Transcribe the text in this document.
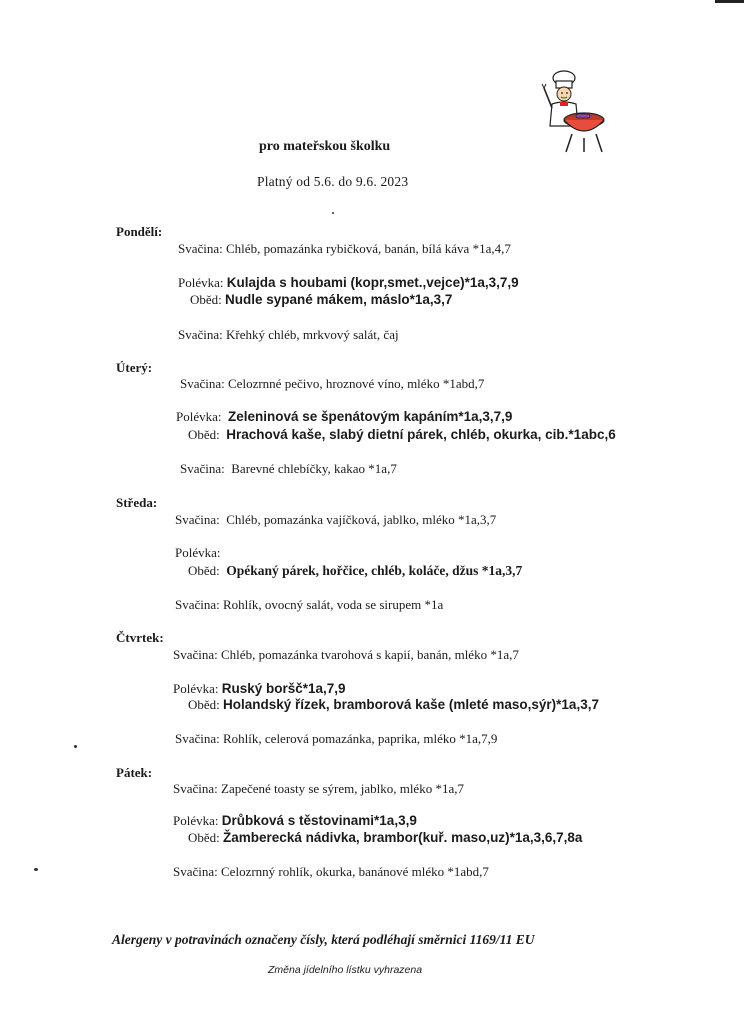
pro mateřskou školku
Platný od 5.6. do 9.6. 2023
Pondělí:
Svačina: Chléb, pomazánka rybičková, banán, bílá káva *1a,4,7
Polévka: Kulajda s houbami (kopr,smet.,vejce)*1a,3,7,9
Oběd: Nudle sypané mákem, máslo*1a,3,7
Svačina: Křehký chléb, mrkvový salát, čaj
Úterý:
Svačina: Celozrnné pečivo, hroznové víno, mléko *1abd,7
Polévka: Zeleninová se špenátovým kapáním*1a,3,7,9
Oběd: Hrachová kaše, slabý dietní párek, chléb, okurka, cib.*1abc,6
Svačina:  Barevné chlebíčky, kakao *1a,7
Středa:
Svačina:  Chléb, pomazánka vajíčková, jablko, mléko *1a,3,7
Polévka:
Oběd: Opékaný párek, hořčice, chléb, koláče, džus *1a,3,7
Svačina: Rohlík, ovocný salát, voda se sirupem *1a
Čtvrtek:
Svačina: Chléb, pomazánka tvarohová s kapií, banán, mléko *1a,7
Polévka: Ruský boršč*1a,7,9
Oběd: Holandský řízek, bramborová kaše (mleté maso,sýr)*1a,3,7
Svačina: Rohlík, celerová pomazánka, paprika, mléko *1a,7,9
Pátek:
Svačina: Zapečené toasty se sýrem, jablko, mléko *1a,7
Polévka: Drůbková s těstovinami*1a,3,9
Oběd: Žamberecká nádivka, brambor(kuř. maso,uz)*1a,3,6,7,8a
Svačina: Celozrnný rohlík, okurka, banánové mléko *1abd,7
Alergeny v potravinách označeny čísly, která podléhají směrnici 1169/11 EU
Změna jídelního lístku vyhrazena
